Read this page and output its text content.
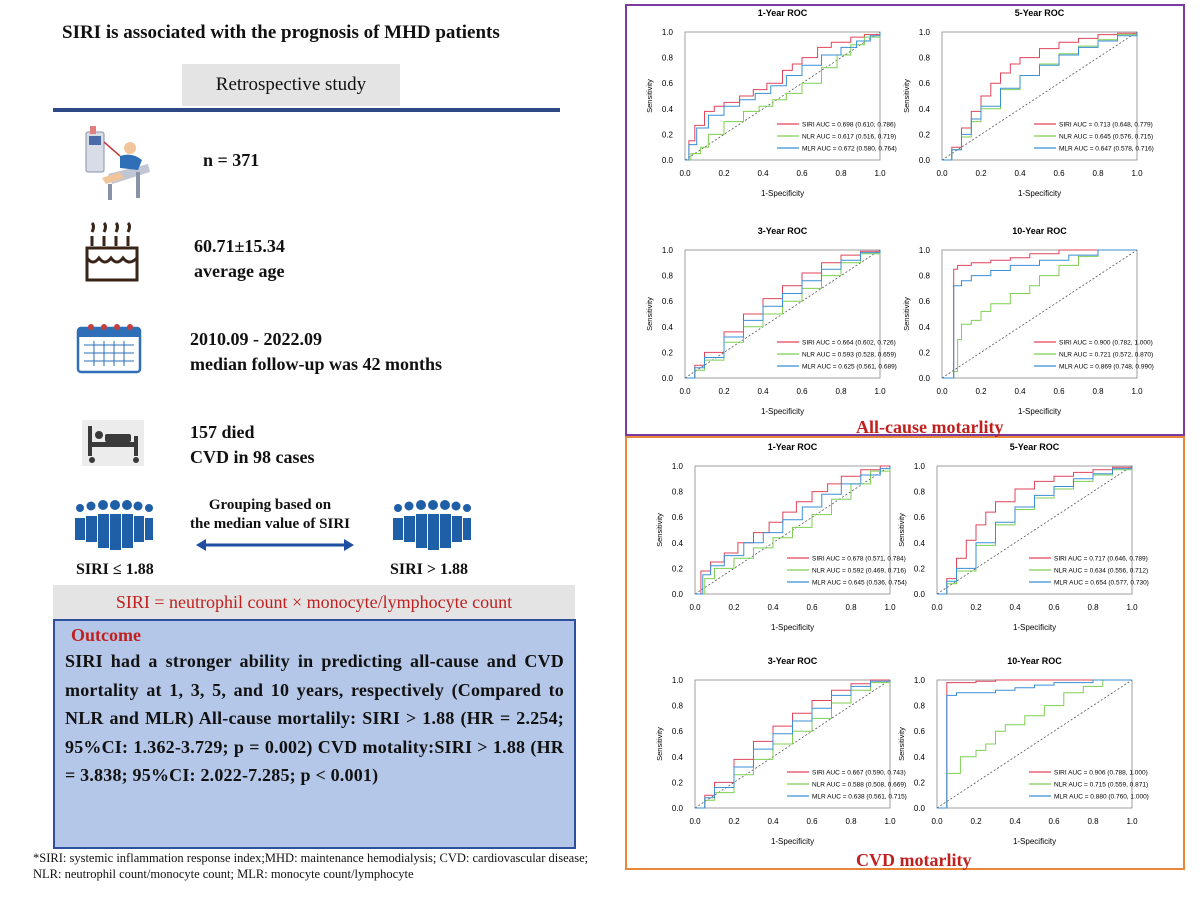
SIRI is associated with the prognosis of MHD patients
Retrospective study
n = 371
60.71±15.34
average age
2010.09 - 2022.09
median follow-up was 42 months
157 died
CVD in 98 cases
Grouping based on
the median value of SIRI
SIRI ≤ 1.88	SIRI > 1.88
SIRI = neutrophil count × monocyte/lymphocyte count
Outcome
SIRI had a stronger ability in predicting all-cause and CVD mortality at 1, 3, 5, and 10 years, respectively (Compared to NLR and MLR) All-cause mortalily: SIRI > 1.88 (HR = 2.254; 95%CI: 1.362-3.729; p = 0.002) CVD motality:SIRI > 1.88 (HR = 3.838; 95%CI: 2.022-7.285; p < 0.001)
*SIRI: systemic inflammation response index;MHD: maintenance hemodialysis; CVD: cardiovascular disease; NLR: neutrophil count/monocyte count; MLR: monocyte count/lymphocyte
All-cause motarlity
CVD motarlity
1-Year ROC
0.0
0.0
0.2
0.2
0.4
0.4
0.6
0.6
0.8
0.8
1.0
1.0
1-Specificity
Sensitivity
SIRI AUC = 0.698 (0.610, 0.786)
NLR AUC = 0.617 (0.516, 0.719)
MLR AUC = 0.672 (0.580, 0.764)
5-Year ROC
0.0
0.0
0.2
0.2
0.4
0.4
0.6
0.6
0.8
0.8
1.0
1.0
1-Specificity
Sensitivity
SIRI AUC = 0.713 (0.648, 0.779)
NLR AUC = 0.645 (0.576, 0.715)
MLR AUC = 0.647 (0.578, 0.716)
3-Year ROC
0.0
0.0
0.2
0.2
0.4
0.4
0.6
0.6
0.8
0.8
1.0
1.0
1-Specificity
Sensitivity
SIRI AUC = 0.664 (0.602, 0.726)
NLR AUC = 0.593 (0.528, 0.659)
MLR AUC = 0.625 (0.561, 0.689)
10-Year ROC
0.0
0.0
0.2
0.2
0.4
0.4
0.6
0.6
0.8
0.8
1.0
1.0
1-Specificity
Sensitivity
SIRI AUC = 0.900 (0.782, 1.000)
NLR AUC = 0.721 (0.572, 0.870)
MLR AUC = 0.869 (0.748, 0.990)
1-Year ROC
0.0
0.0
0.2
0.2
0.4
0.4
0.6
0.6
0.8
0.8
1.0
1.0
1-Specificity
Sensitivity
SIRI AUC = 0.678 (0.571, 0.784)
NLR AUC = 0.592 (0.469, 0.716)
MLR AUC = 0.645 (0.536, 0.754)
5-Year ROC
0.0
0.0
0.2
0.2
0.4
0.4
0.6
0.6
0.8
0.8
1.0
1.0
1-Specificity
Sensitivity
SIRI AUC = 0.717 (0.646, 0.789)
NLR AUC = 0.634 (0.556, 0.712)
MLR AUC = 0.654 (0.577, 0.730)
3-Year ROC
0.0
0.0
0.2
0.2
0.4
0.4
0.6
0.6
0.8
0.8
1.0
1.0
1-Specificity
Sensitivity
SIRI AUC = 0.667 (0.590, 0.743)
NLR AUC = 0.588 (0.508, 0.669)
MLR AUC = 0.638 (0.561, 0.715)
10-Year ROC
0.0
0.0
0.2
0.2
0.4
0.4
0.6
0.6
0.8
0.8
1.0
1.0
1-Specificity
Sensitivity
SIRI AUC = 0.906 (0.788, 1.000)
NLR AUC = 0.715 (0.559, 0.871)
MLR AUC = 0.880 (0.760, 1.000)
